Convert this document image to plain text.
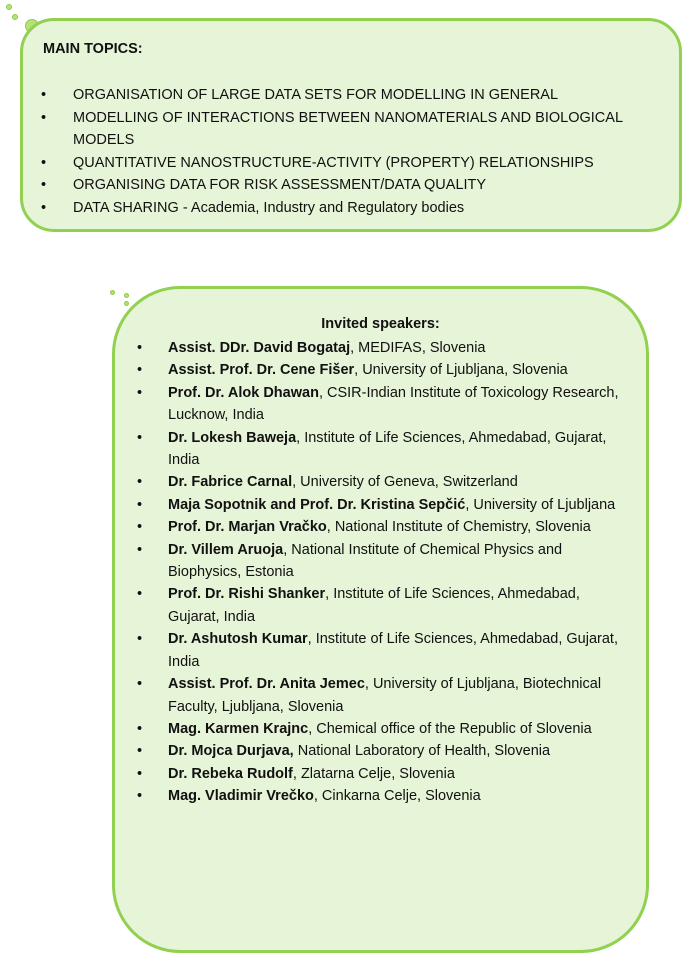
MAIN TOPICS:
• ORGANISATION OF LARGE DATA SETS FOR MODELLING IN GENERAL
• MODELLING OF INTERACTIONS BETWEEN NANOMATERIALS AND BIOLOGICAL MODELS
• QUANTITATIVE NANOSTRUCTURE-ACTIVITY (PROPERTY) RELATIONSHIPS
• ORGANISING DATA FOR RISK ASSESSMENT/DATA QUALITY
• DATA SHARING - Academia, Industry and Regulatory bodies
Invited speakers:
• Assist. DDr. David Bogataj, MEDIFAS, Slovenia
• Assist. Prof. Dr. Cene Fišer, University of Ljubljana, Slovenia
• Prof. Dr. Alok Dhawan, CSIR-Indian Institute of Toxicology Research, Lucknow, India
• Dr. Lokesh Baweja, Institute of Life Sciences, Ahmedabad, Gujarat, India
• Dr. Fabrice Carnal, University of Geneva, Switzerland
• Maja Sopotnik and Prof. Dr. Kristina Sepčić, University of Ljubljana
• Prof. Dr. Marjan Vračko, National Institute of Chemistry, Slovenia
• Dr. Villem Aruoja, National Institute of Chemical Physics and Biophysics, Estonia
• Prof. Dr. Rishi Shanker, Institute of Life Sciences, Ahmedabad, Gujarat, India
• Dr. Ashutosh Kumar, Institute of Life Sciences, Ahmedabad, Gujarat, India
• Assist. Prof. Dr. Anita Jemec, University of Ljubljana, Biotechnical Faculty, Ljubljana, Slovenia
• Mag. Karmen Krajnc, Chemical office of the Republic of Slovenia
• Dr. Mojca Durjava, National Laboratory of Health, Slovenia
• Dr. Rebeka Rudolf, Zlatarna Celje, Slovenia
• Mag. Vladimir Vrečko, Cinkarna Celje, Slovenia
